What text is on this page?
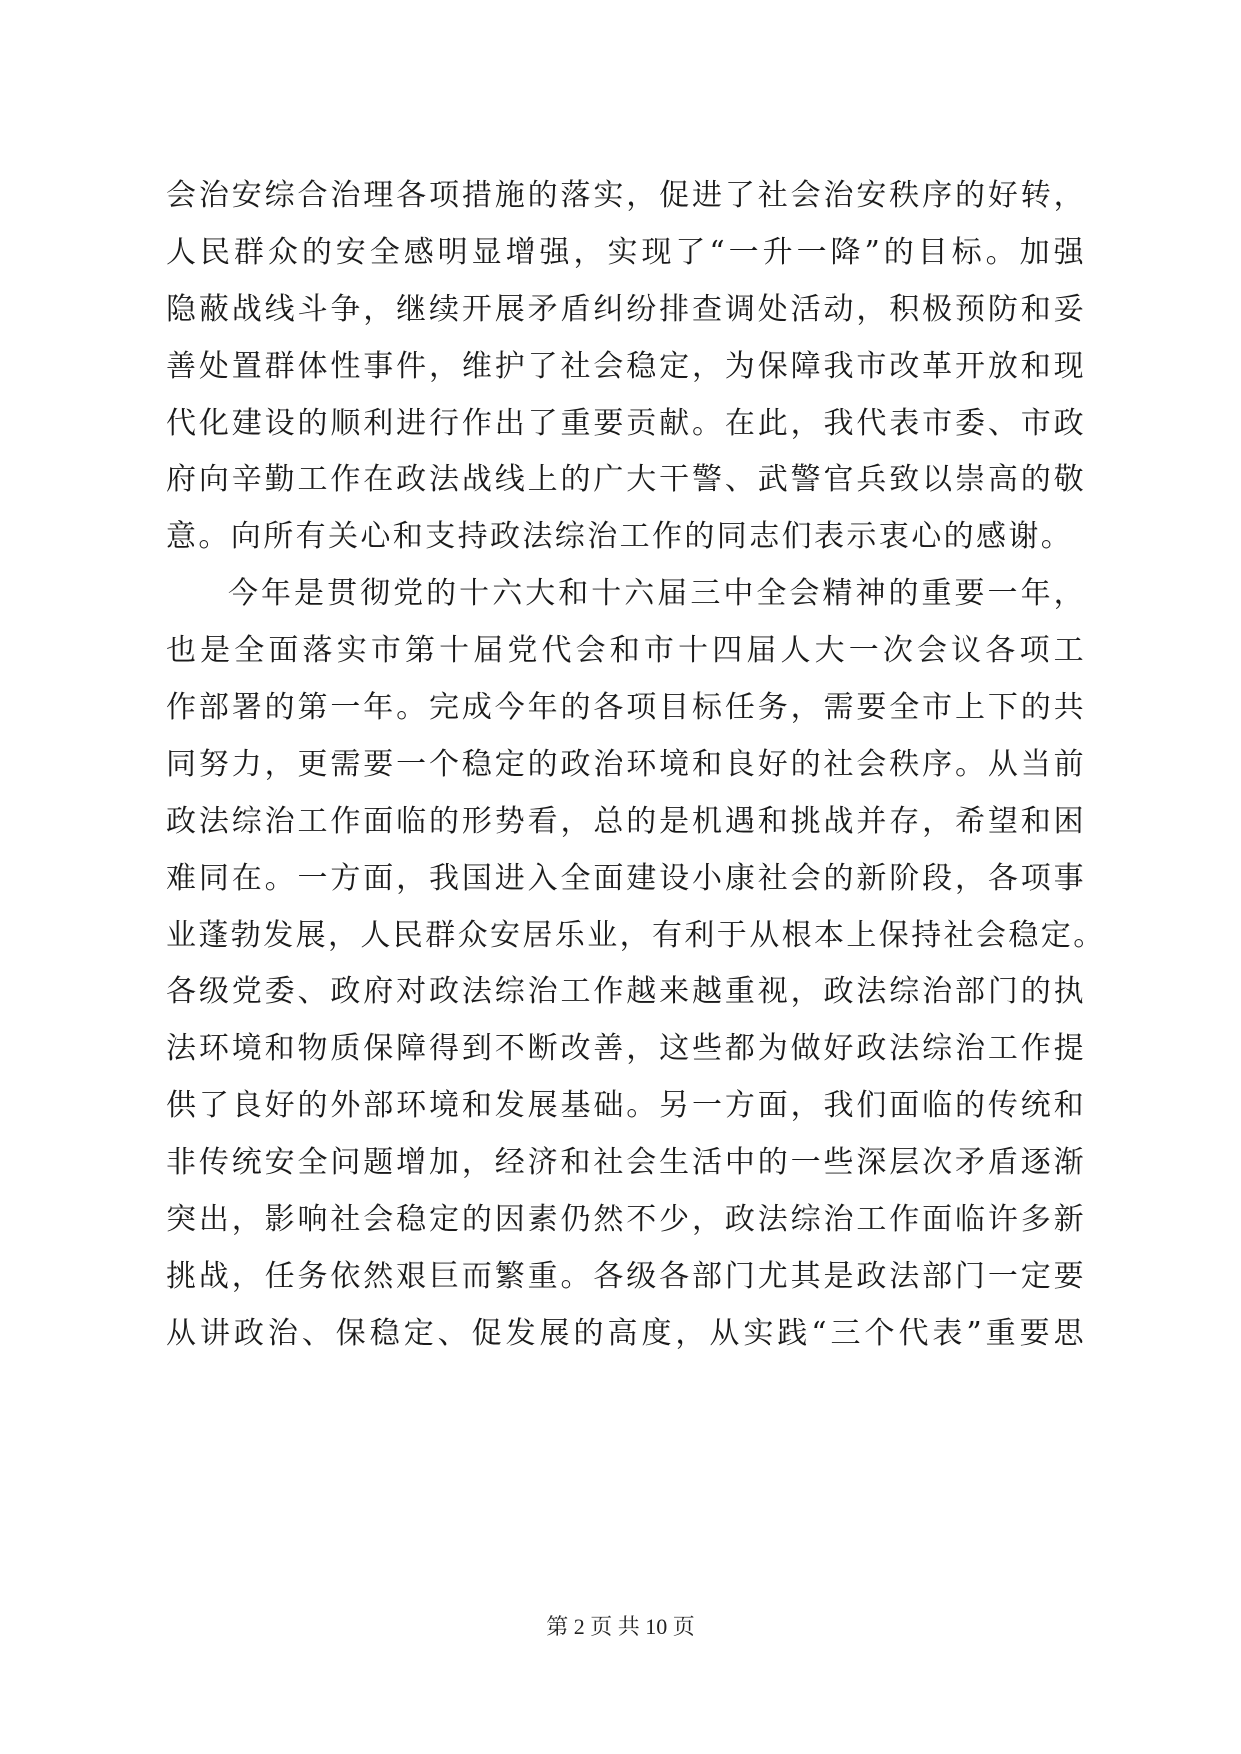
会治安综合治理各项措施的落实，促进了社会治安秩序的好转，
人民群众的安全感明显增强，实现了“一升一降”的目标。加强
隐蔽战线斗争，继续开展矛盾纠纷排查调处活动，积极预防和妥
善处置群体性事件，维护了社会稳定，为保障我市改革开放和现
代化建设的顺利进行作出了重要贡献。在此，我代表市委、市政
府向辛勤工作在政法战线上的广大干警、武警官兵致以崇高的敬
意。向所有关心和支持政法综治工作的同志们表示衷心的感谢。
今年是贯彻党的十六大和十六届三中全会精神的重要一年，
也是全面落实市第十届党代会和市十四届人大一次会议各项工
作部署的第一年。完成今年的各项目标任务，需要全市上下的共
同努力，更需要一个稳定的政治环境和良好的社会秩序。从当前
政法综治工作面临的形势看，总的是机遇和挑战并存，希望和困
难同在。一方面，我国进入全面建设小康社会的新阶段，各项事
业蓬勃发展，人民群众安居乐业，有利于从根本上保持社会稳定。
各级党委、政府对政法综治工作越来越重视，政法综治部门的执
法环境和物质保障得到不断改善，这些都为做好政法综治工作提
供了良好的外部环境和发展基础。另一方面，我们面临的传统和
非传统安全问题增加，经济和社会生活中的一些深层次矛盾逐渐
突出，影响社会稳定的因素仍然不少，政法综治工作面临许多新
挑战，任务依然艰巨而繁重。各级各部门尤其是政法部门一定要
从讲政治、保稳定、促发展的高度，从实践“三个代表”重要思
第 2 页 共 10 页
